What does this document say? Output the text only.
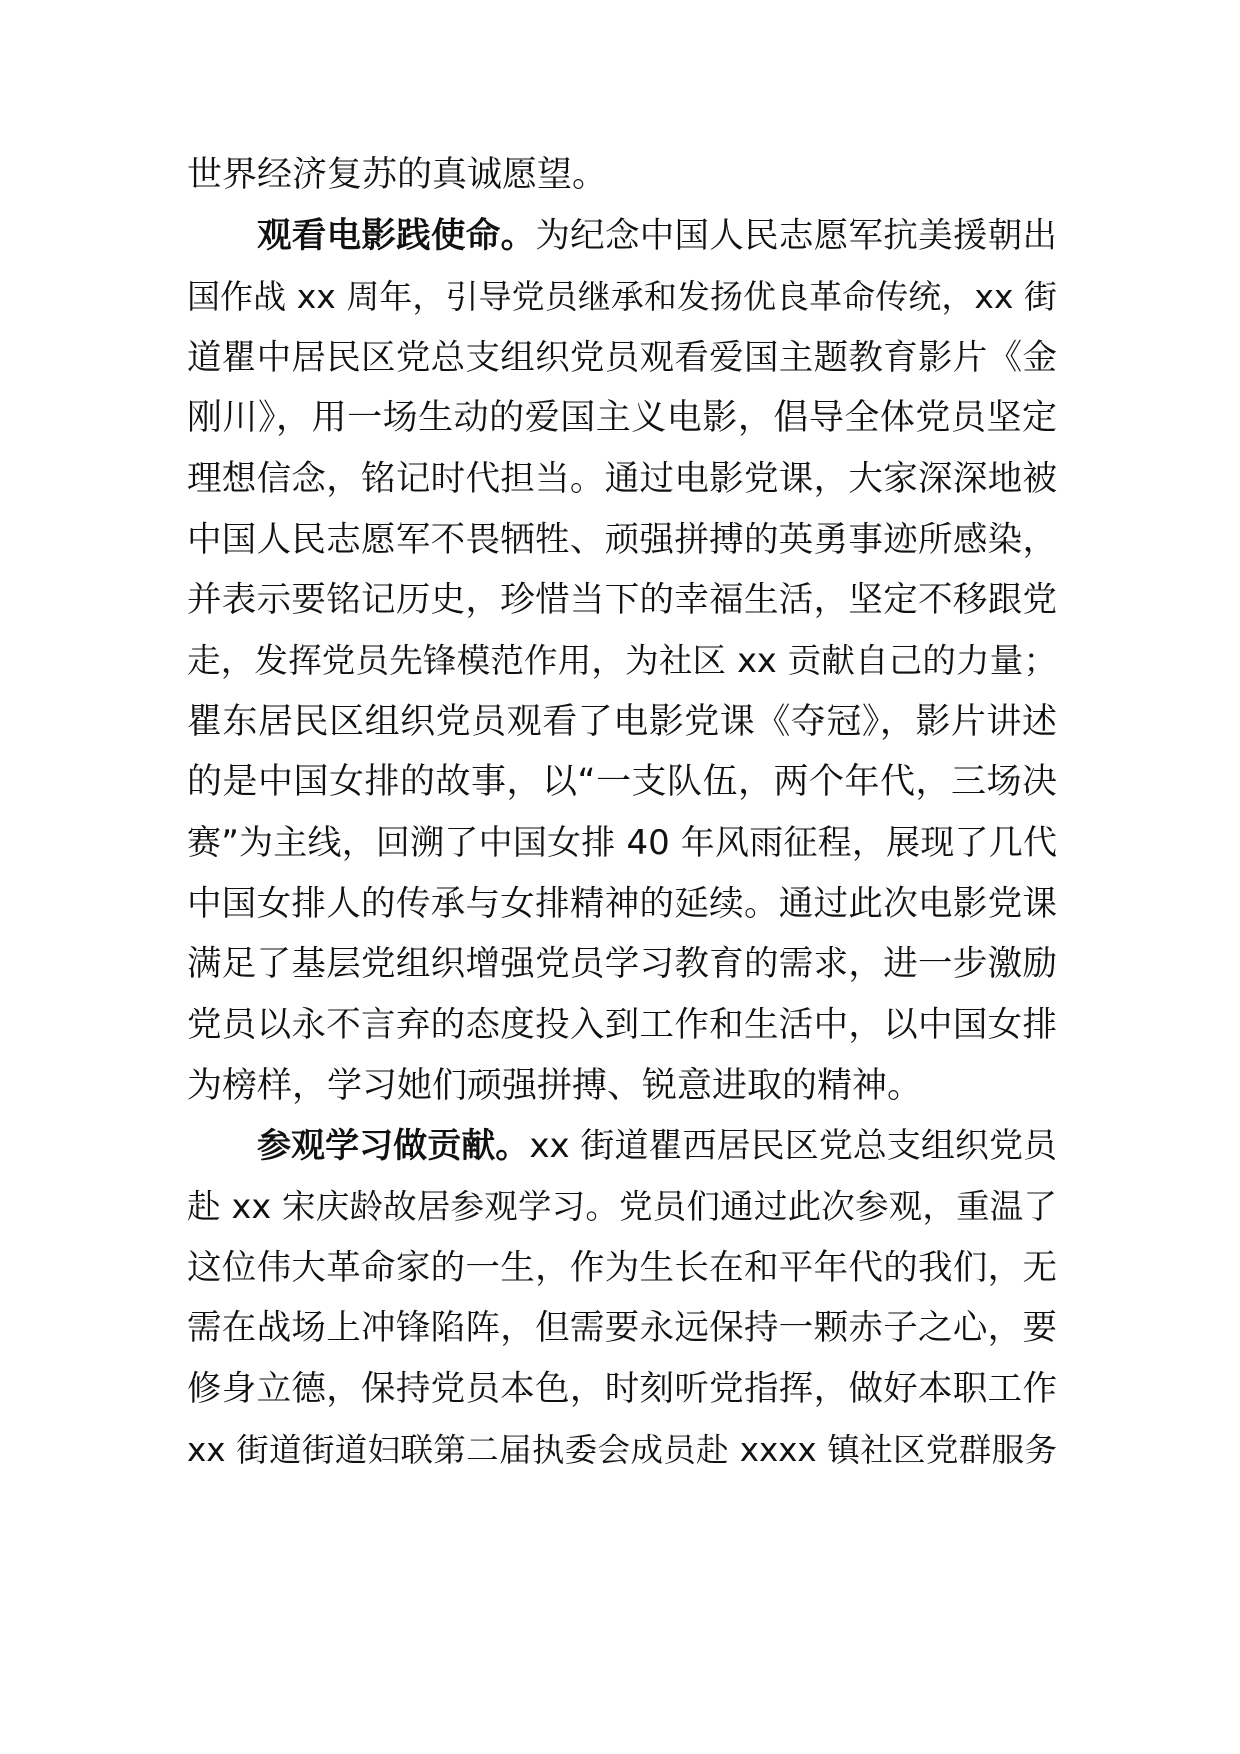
世界经济复苏的真诚愿望。
观看电影践使命。为纪念中国人民志愿军抗美援朝出
国作战 xx 周年，引导党员继承和发扬优良革命传统，xx 街
道瞿中居民区党总支组织党员观看爱国主题教育影片《金
刚川》，用一场生动的爱国主义电影，倡导全体党员坚定
理想信念，铭记时代担当。通过电影党课，大家深深地被
中国人民志愿军不畏牺牲、顽强拼搏的英勇事迹所感染，
并表示要铭记历史，珍惜当下的幸福生活，坚定不移跟党
走，发挥党员先锋模范作用，为社区 xx 贡献自己的力量；
瞿东居民区组织党员观看了电影党课《夺冠》，影片讲述
的是中国女排的故事，以“一支队伍，两个年代，三场决
赛”为主线，回溯了中国女排 40 年风雨征程，展现了几代
中国女排人的传承与女排精神的延续。通过此次电影党课
满足了基层党组织增强党员学习教育的需求，进一步激励
党员以永不言弃的态度投入到工作和生活中，以中国女排
为榜样，学习她们顽强拼搏、锐意进取的精神。
参观学习做贡献。xx 街道瞿西居民区党总支组织党员
赴 xx 宋庆龄故居参观学习。党员们通过此次参观，重温了
这位伟大革命家的一生，作为生长在和平年代的我们，无
需在战场上冲锋陷阵，但需要永远保持一颗赤子之心，要
修身立德，保持党员本色，时刻听党指挥，做好本职工作
xx 街道街道妇联第二届执委会成员赴 xxxx 镇社区党群服务
